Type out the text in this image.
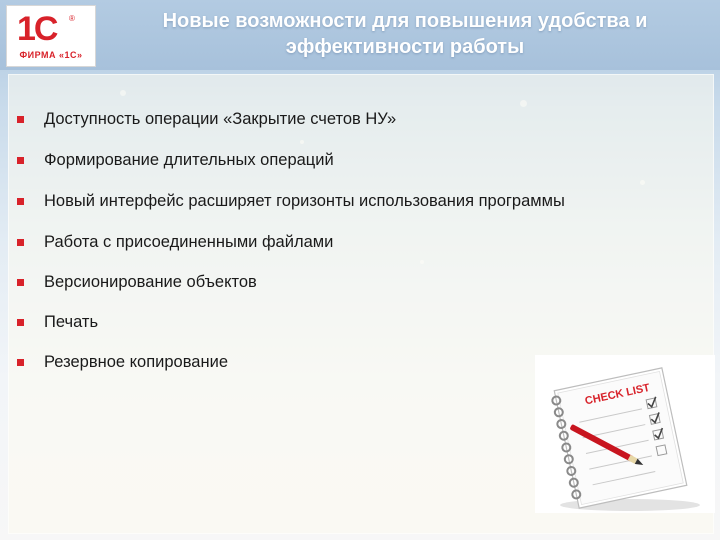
1C ®
ФИРМА «1С»
Новые возможности для повышения удобства и
эффективности работы
Доступность операции «Закрытие счетов НУ»
Формирование длительных операций
Новый интерфейс расширяет горизонты использования программы
Работа с присоединенными файлами
Версионирование объектов
Печать
Резервное копирование
CHECK LIST
